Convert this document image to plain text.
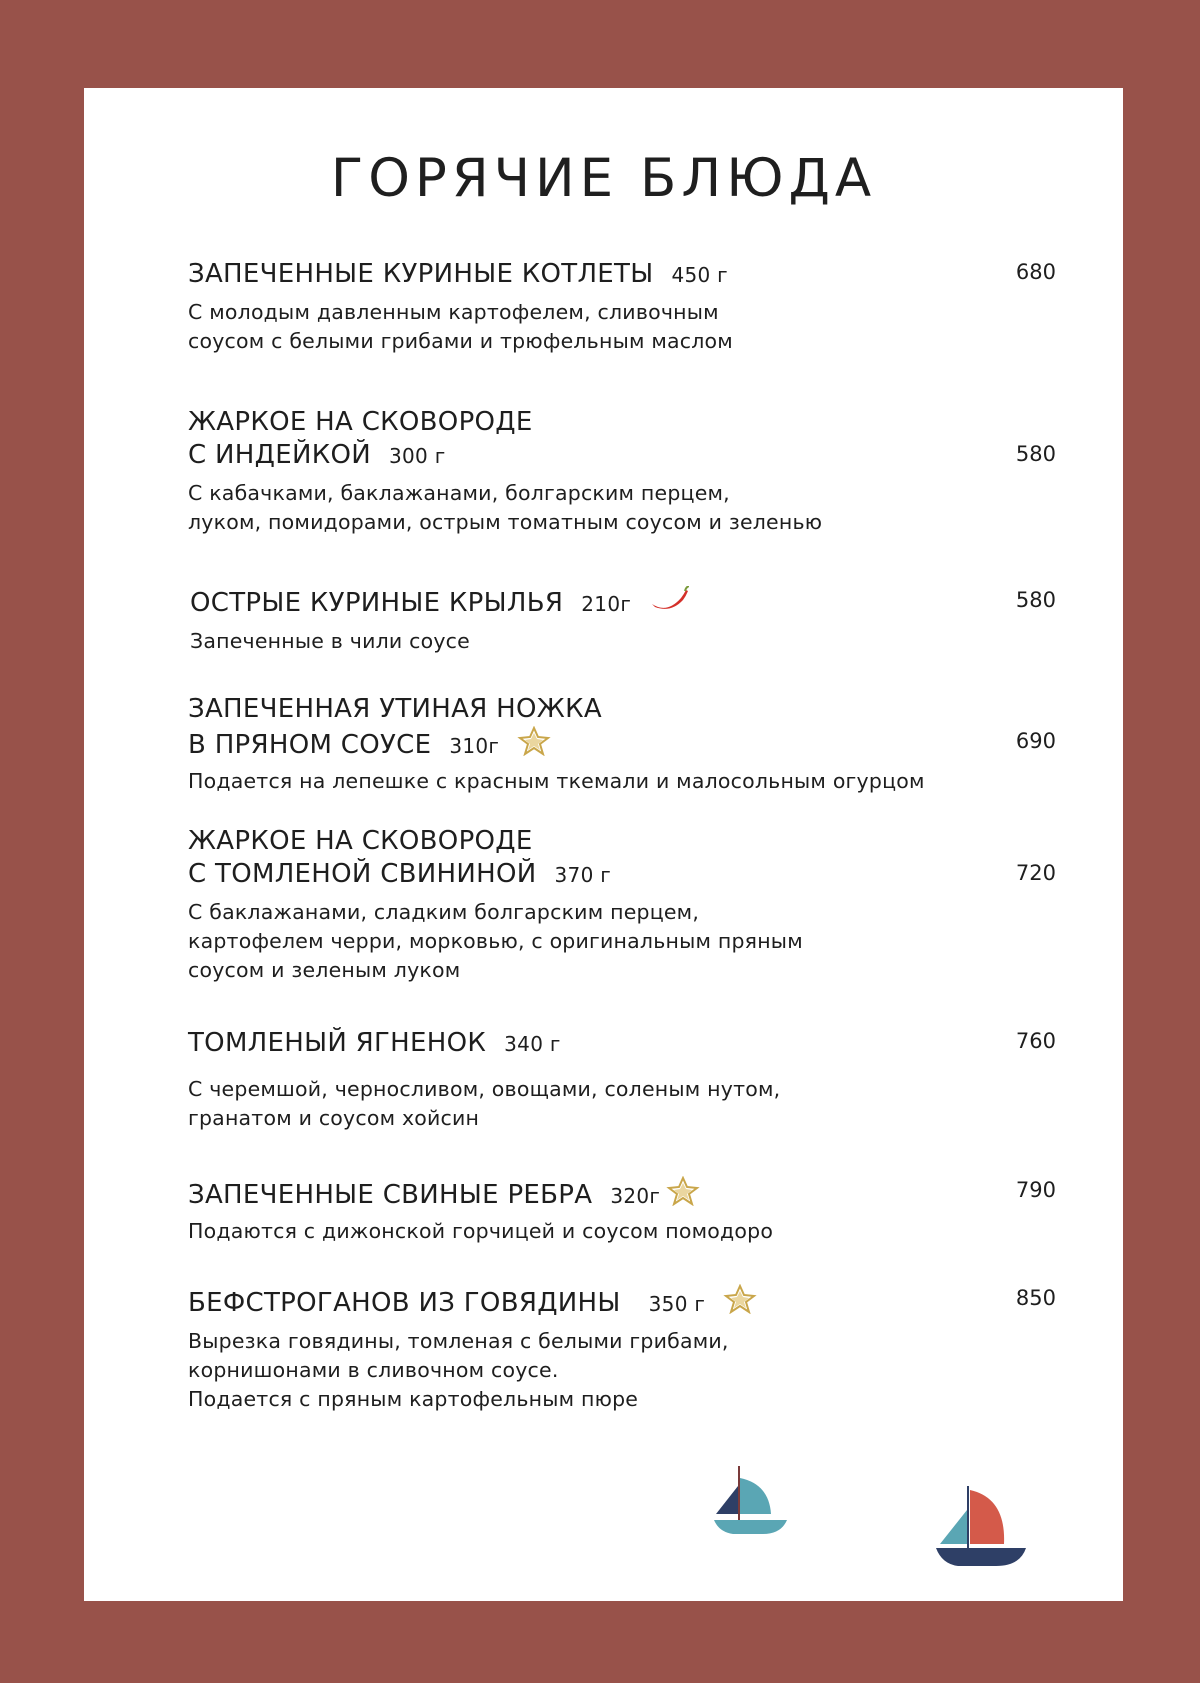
ГОРЯЧИЕ БЛЮДА
680
ЗАПЕЧЕННЫЕ КУРИНЫЕ КОТЛЕТЫ 450 г
С молодым давленным картофелем, сливочным
соусом с белыми грибами и трюфельным маслом
580
ЖАРКОЕ НА СКОВОРОДЕ
С ИНДЕЙКОЙ 300 г
С кабачками, баклажанами, болгарским перцем,
луком, помидорами, острым томатным соусом и зеленью
580
ОСТРЫЕ КУРИНЫЕ КРЫЛЬЯ 210г
Запеченные в чили соусе
690
ЗАПЕЧЕННАЯ УТИНАЯ НОЖКА
В ПРЯНОМ СОУСЕ 310г
Подается на лепешке с красным ткемали и малосольным огурцом
720
ЖАРКОЕ НА СКОВОРОДЕ
С ТОМЛЕНОЙ СВИНИНОЙ 370 г
С баклажанами, сладким болгарским перцем,
картофелем черри, морковью, с оригинальным пряным
соусом и зеленым луком
760
ТОМЛЕНЫЙ ЯГНЕНОК 340 г
С черемшой, черносливом, овощами, соленым нутом,
гранатом и соусом хойсин
790
ЗАПЕЧЕННЫЕ СВИНЫЕ РЕБРА 320г
Подаются с дижонской горчицей и соусом помодоро
850
БЕФСТРОГАНОВ ИЗ ГОВЯДИНЫ 350 г
Вырезка говядины, томленая с белыми грибами,
корнишонами в сливочном соусе.
Подается с пряным картофельным пюре
